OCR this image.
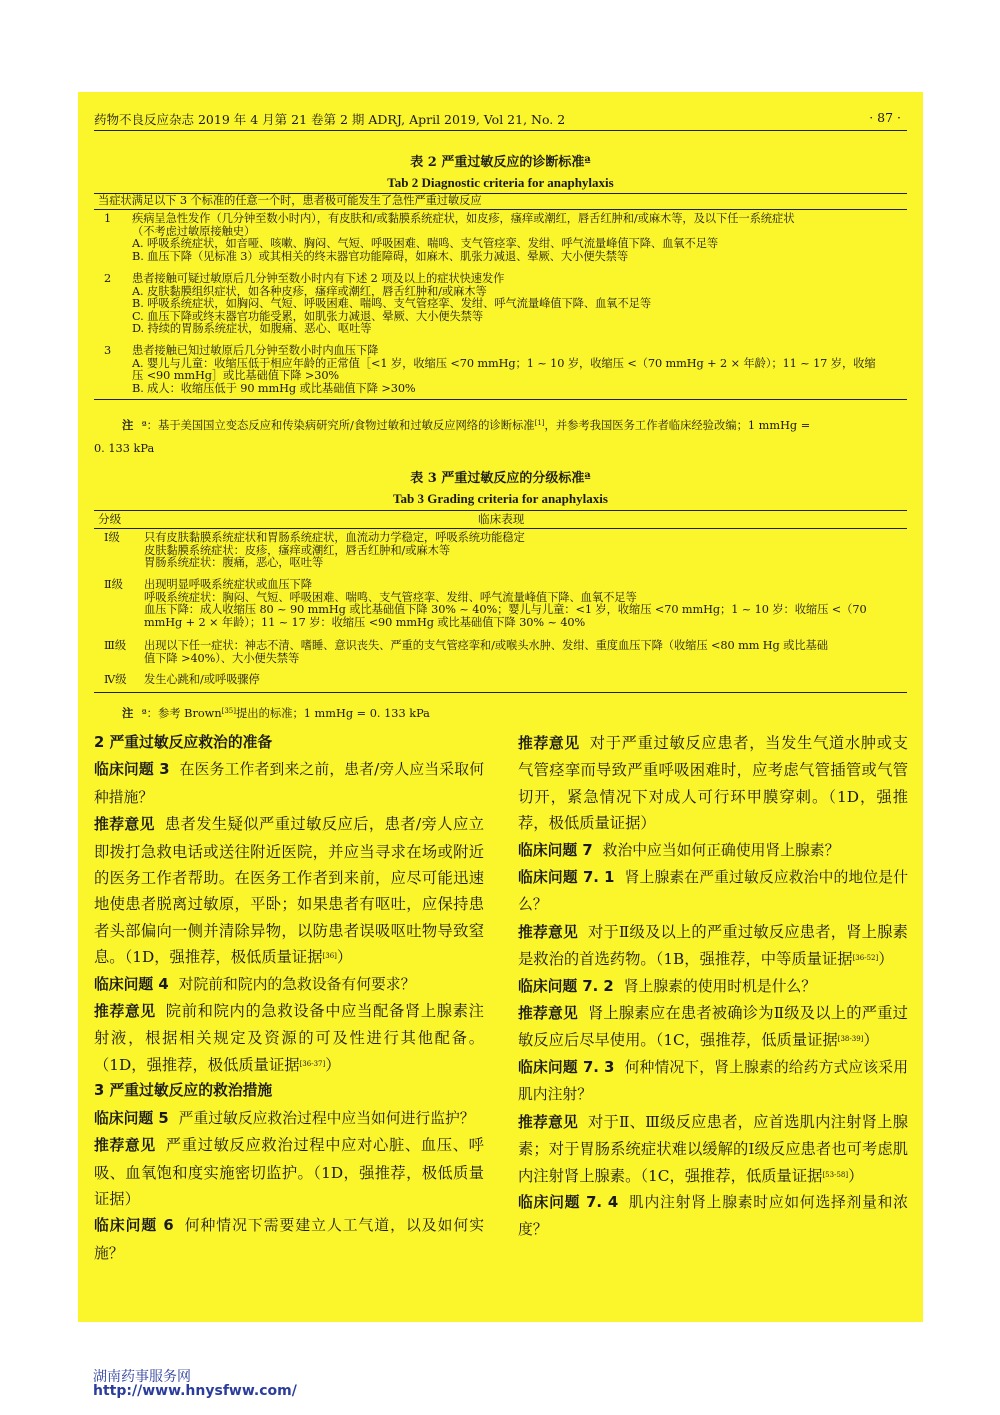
药物不良反应杂志 2019 年 4 月第 21 卷第 2 期 ADRJ, April 2019, Vol 21, No. 2	· 87 ·
表 2 严重过敏反应的诊断标准ª
Tab 2 Diagnostic criteria for anaphylaxis
当症状满足以下 3 个标准的任意一个时，患者极可能发生了急性严重过敏反应
1 疾病呈急性发作（几分钟至数小时内），有皮肤和/或黏膜系统症状，如皮疹，瘙痒或潮红，唇舌红肿和/或麻木等，及以下任一系统症状
（不考虑过敏原接触史）
A. 呼吸系统症状，如音哑、咳嗽、胸闷、气短、呼吸困难、喘鸣、支气管痉挛、发绀、呼气流量峰值下降、血氧不足等
B. 血压下降（见标准 3）或其相关的终末器官功能障碍，如麻木、肌张力减退、晕厥、大小便失禁等
2 患者接触可疑过敏原后几分钟至数小时内有下述 2 项及以上的症状快速发作
A. 皮肤黏膜组织症状，如各种皮疹，瘙痒或潮红，唇舌红肿和/或麻木等
B. 呼吸系统症状，如胸闷、气短、呼吸困难、喘鸣、支气管痉挛、发绀、呼气流量峰值下降、血氧不足等
C. 血压下降或终末器官功能受累，如肌张力减退、晕厥、大小便失禁等
D. 持续的胃肠系统症状，如腹痛、恶心、呕吐等
3 患者接触已知过敏原后几分钟至数小时内血压下降
A. 婴儿与儿童：收缩压低于相应年龄的正常值［<1 岁，收缩压 <70 mmHg；1 ~ 10 岁，收缩压 <（70 mmHg + 2 × 年龄）；11 ~ 17 岁，收缩
压 <90 mmHg］或比基础值下降 >30%
B. 成人：收缩压低于 90 mmHg 或比基础值下降 >30%
注 ª：基于美国国立变态反应和传染病研究所/食物过敏和过敏反应网络的诊断标准[1]，并参考我国医务工作者临床经验改编；1 mmHg =
0. 133 kPa
表 3 严重过敏反应的分级标准ª
Tab 3 Grading criteria for anaphylaxis
分级	临床表现
Ⅰ级 只有皮肤黏膜系统症状和胃肠系统症状，血流动力学稳定，呼吸系统功能稳定
皮肤黏膜系统症状：皮疹，瘙痒或潮红，唇舌红肿和/或麻木等
胃肠系统症状：腹痛，恶心，呕吐等
Ⅱ级 出现明显呼吸系统症状或血压下降
呼吸系统症状：胸闷、气短、呼吸困难、喘鸣、支气管痉挛、发绀、呼气流量峰值下降、血氧不足等
血压下降：成人收缩压 80 ~ 90 mmHg 或比基础值下降 30% ~ 40%；婴儿与儿童：<1 岁，收缩压 <70 mmHg；1 ~ 10 岁：收缩压 <（70
mmHg + 2 × 年龄）；11 ~ 17 岁：收缩压 <90 mmHg 或比基础值下降 30% ~ 40%
Ⅲ级 出现以下任一症状：神志不清、嗜睡、意识丧失、严重的支气管痉挛和/或喉头水肿、发绀、重度血压下降（收缩压 <80 mm Hg 或比基础
值下降 >40%）、大小便失禁等
Ⅳ级 发生心跳和/或呼吸骤停
注 ª：参考 Brown[35]提出的标准；1 mmHg = 0. 133 kPa

2 严重过敏反应救治的准备

临床问题 3 在医务工作者到来之前，患者/旁人应当采取何种措施？

推荐意见 患者发生疑似严重过敏反应后，患者/旁人应立即拨打急救电话或送往附近医院，并应当寻求在场或附近的医务工作者帮助。在医务工作者到来前，应尽可能迅速地使患者脱离过敏原，平卧；如果患者有呕吐，应保持患者头部偏向一侧并清除异物，以防患者误吸呕吐物导致窒息。（1D，强推荐，极低质量证据[36]）

临床问题 4 对院前和院内的急救设备有何要求？

推荐意见 院前和院内的急救设备中应当配备肾上腺素注射液，根据相关规定及资源的可及性进行其他配备。（1D，强推荐，极低质量证据[36-37]）

3 严重过敏反应的救治措施

临床问题 5 严重过敏反应救治过程中应当如何进行监护？

推荐意见 严重过敏反应救治过程中应对心脏、血压、呼吸、血氧饱和度实施密切监护。（1D，强推荐，极低质量证据）

临床问题 6 何种情况下需要建立人工气道，以及如何实施？

推荐意见 对于严重过敏反应患者，当发生气道水肿或支气管痉挛而导致严重呼吸困难时，应考虑气管插管或气管切开，紧急情况下对成人可行环甲膜穿刺。（1D，强推荐，极低质量证据）

临床问题 7 救治中应当如何正确使用肾上腺素？

临床问题 7. 1 肾上腺素在严重过敏反应救治中的地位是什么？

推荐意见 对于Ⅱ级及以上的严重过敏反应患者，肾上腺素是救治的首选药物。（1B，强推荐，中等质量证据[36-52]）

临床问题 7. 2 肾上腺素的使用时机是什么？

推荐意见 肾上腺素应在患者被确诊为Ⅱ级及以上的严重过敏反应后尽早使用。（1C，强推荐，低质量证据[38-39]）

临床问题 7. 3 何种情况下，肾上腺素的给药方式应该采用肌内注射？

推荐意见 对于Ⅱ、Ⅲ级反应患者，应首选肌内注射肾上腺素；对于胃肠系统症状难以缓解的Ⅰ级反应患者也可考虑肌内注射肾上腺素。（1C，强推荐，低质量证据[53-58]）

临床问题 7. 4 肌内注射肾上腺素时应如何选择剂量和浓度？

湖南药事服务网
http://www.hnysfww.com/
